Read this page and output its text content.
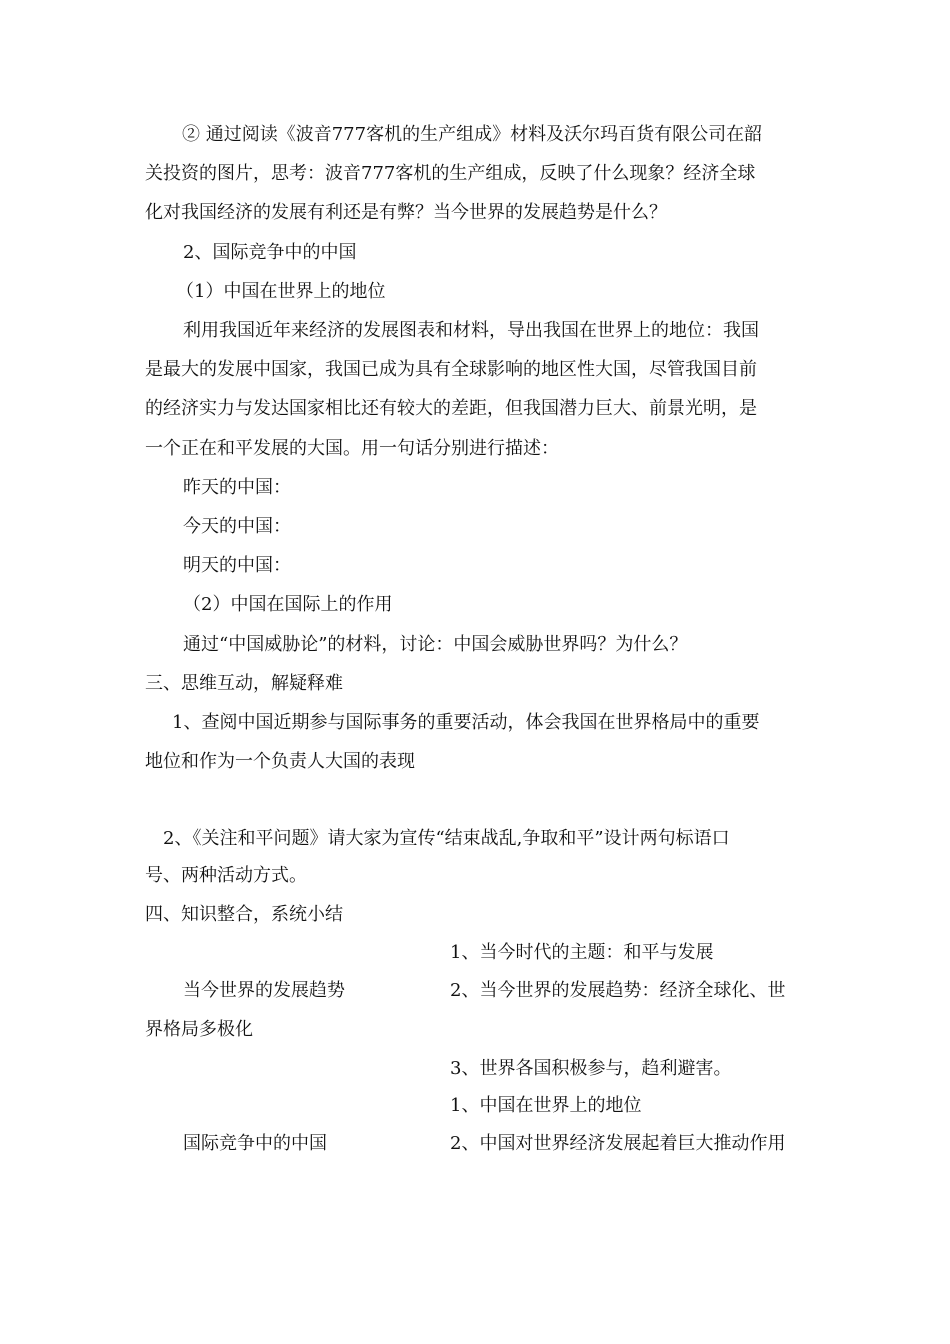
② 通过阅读《波音777客机的生产组成》材料及沃尔玛百货有限公司在韶

关投资的图片，思考：波音777客机的生产组成，反映了什么现象？经济全球

化对我国经济的发展有利还是有弊？当今世界的发展趋势是什么？

2、国际竞争中的中国

（1）中国在世界上的地位

利用我国近年来经济的发展图表和材料，导出我国在世界上的地位：我国

是最大的发展中国家，我国已成为具有全球影响的地区性大国，尽管我国目前

的经济实力与发达国家相比还有较大的差距，但我国潜力巨大、前景光明，是

一个正在和平发展的大国。用一句话分别进行描述：

昨天的中国：

今天的中国：

明天的中国：

（2）中国在国际上的作用

通过“中国威胁论”的材料，讨论：中国会威胁世界吗？为什么？

三、思维互动，解疑释难

1、查阅中国近期参与国际事务的重要活动，体会我国在世界格局中的重要

地位和作为一个负责人大国的表现

2、《关注和平问题》请大家为宣传“结束战乱,争取和平”设计两句标语口

号、两种活动方式。

四、知识整合，系统小结

1、当今时代的主题：和平与发展

当今世界的发展趋势	2、当今世界的发展趋势：经济全球化、世

界格局多极化

3、世界各国积极参与，趋利避害。

1、中国在世界上的地位

国际竞争中的中国	2、中国对世界经济发展起着巨大推动作用
